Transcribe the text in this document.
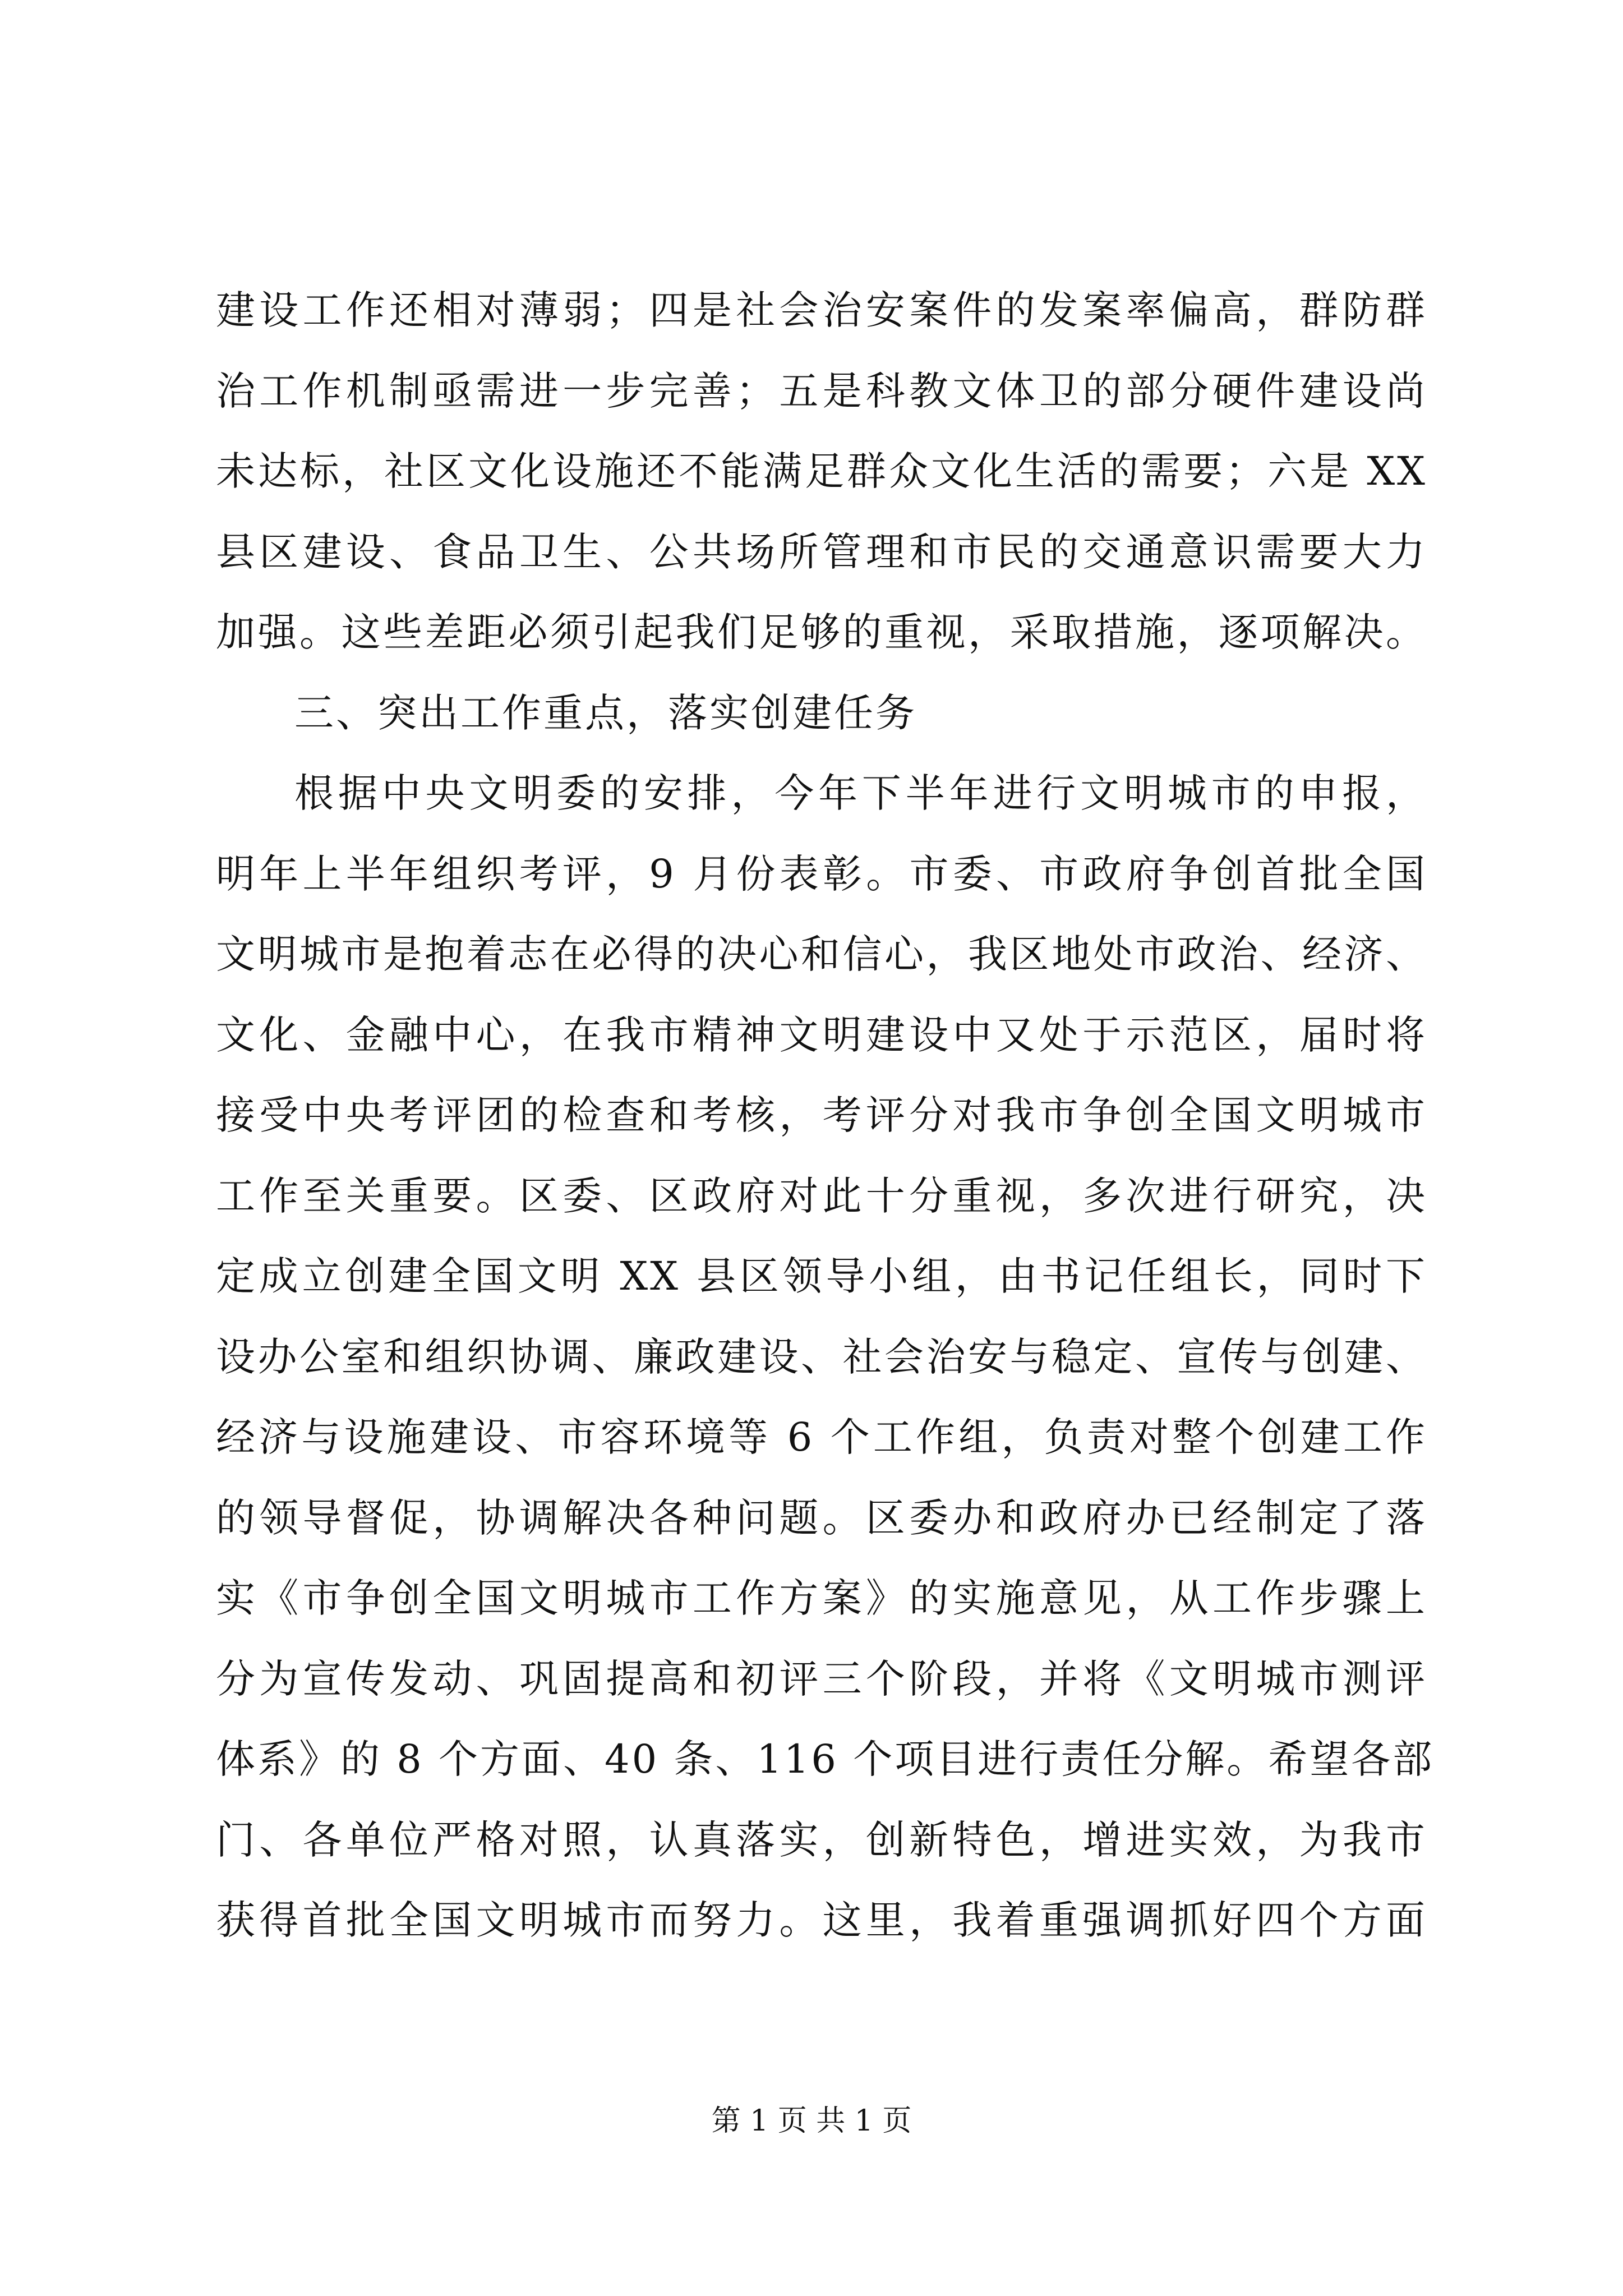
建设工作还相对薄弱；四是社会治安案件的发案率偏高，群防群
治工作机制亟需进一步完善；五是科教文体卫的部分硬件建设尚
未达标，社区文化设施还不能满足群众文化生活的需要；六是 XX
县区建设、食品卫生、公共场所管理和市民的交通意识需要大力
加强。这些差距必须引起我们足够的重视，采取措施，逐项解决。
三、突出工作重点，落实创建任务
根据中央文明委的安排，今年下半年进行文明城市的申报，
明年上半年组织考评，9 月份表彰。市委、市政府争创首批全国
文明城市是抱着志在必得的决心和信心，我区地处市政治、经济、
文化、金融中心，在我市精神文明建设中又处于示范区，届时将
接受中央考评团的检查和考核，考评分对我市争创全国文明城市
工作至关重要。区委、区政府对此十分重视，多次进行研究，决
定成立创建全国文明 XX 县区领导小组，由书记任组长，同时下
设办公室和组织协调、廉政建设、社会治安与稳定、宣传与创建、
经济与设施建设、市容环境等 6 个工作组，负责对整个创建工作
的领导督促，协调解决各种问题。区委办和政府办已经制定了落
实《市争创全国文明城市工作方案》的实施意见，从工作步骤上
分为宣传发动、巩固提高和初评三个阶段，并将《文明城市测评
体系》的 8 个方面、40 条、116 个项目进行责任分解。希望各部
门、各单位严格对照，认真落实，创新特色，增进实效，为我市
获得首批全国文明城市而努力。这里，我着重强调抓好四个方面
第 1 页 共 1 页
